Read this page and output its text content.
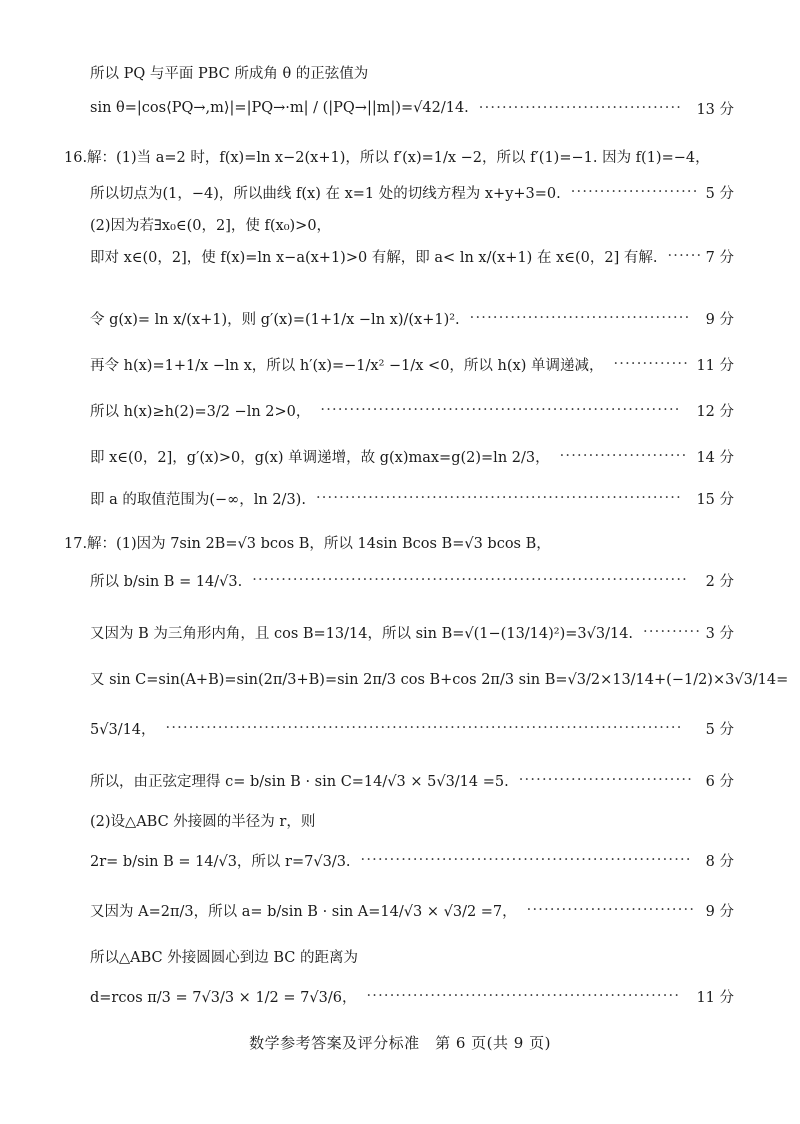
所以 PQ 与平面 PBC 所成角 θ 的正弦值为
sin θ=|cos⟨PQ→,m⟩|=|PQ→·m| / (|PQ→||m|)=√42/14.	13 分
···································
16.解：(1)当 a=2 时，f(x)=ln x−2(x+1)，所以 f′(x)=1/x −2，所以 f′(1)=−1. 因为 f(1)=−4，
所以切点为(1，−4)，所以曲线 f(x) 在 x=1 处的切线方程为 x+y+3=0.	5 分
······················
(2)因为若∃x₀∈(0，2]，使 f(x₀)>0，
即对 x∈(0，2]，使 f(x)=ln x−a(x+1)>0 有解，即 a< ln x/(x+1) 在 x∈(0，2] 有解.	7 分
······
令 g(x)= ln x/(x+1)，则 g′(x)=(1+1/x −ln x)/(x+1)².	9 分
······································
再令 h(x)=1+1/x −ln x，所以 h′(x)=−1/x² −1/x <0，所以 h(x) 单调递减，	11 分
·············
所以 h(x)≥h(2)=3/2 −ln 2>0，	12 分
······························································
即 x∈(0，2]，g′(x)>0，g(x) 单调递增，故 g(x)max=g(2)=ln 2/3，	14 分
······················
即 a 的取值范围为(−∞，ln 2/3).	15 分
·······························································
17.解：(1)因为 7sin 2B=√3 bcos B，所以 14sin Bcos B=√3 bcos B，
所以 b/sin B = 14/√3.	2 分
···········································································
又因为 B 为三角形内角，且 cos B=13/14，所以 sin B=√(1−(13/14)²)=3√3/14.	3 分
··········
又 sin C=sin(A+B)=sin(2π/3+B)=sin 2π/3 cos B+cos 2π/3 sin B=√3/2×13/14+(−1/2)×3√3/14=
5√3/14，	5 分
·························································································
所以，由正弦定理得 c= b/sin B · sin C=14/√3 × 5√3/14 =5.	6 分
······························
(2)设△ABC 外接圆的半径为 r，则
2r= b/sin B = 14/√3，所以 r=7√3/3.	8 分
·························································
又因为 A=2π/3，所以 a= b/sin B · sin A=14/√3 × √3/2 =7，	9 分
·····························
所以△ABC 外接圆圆心到边 BC 的距离为
d=rcos π/3 = 7√3/3 × 1/2 = 7√3/6，	11 分
······················································
数学参考答案及评分标准　第 6 页(共 9 页)
